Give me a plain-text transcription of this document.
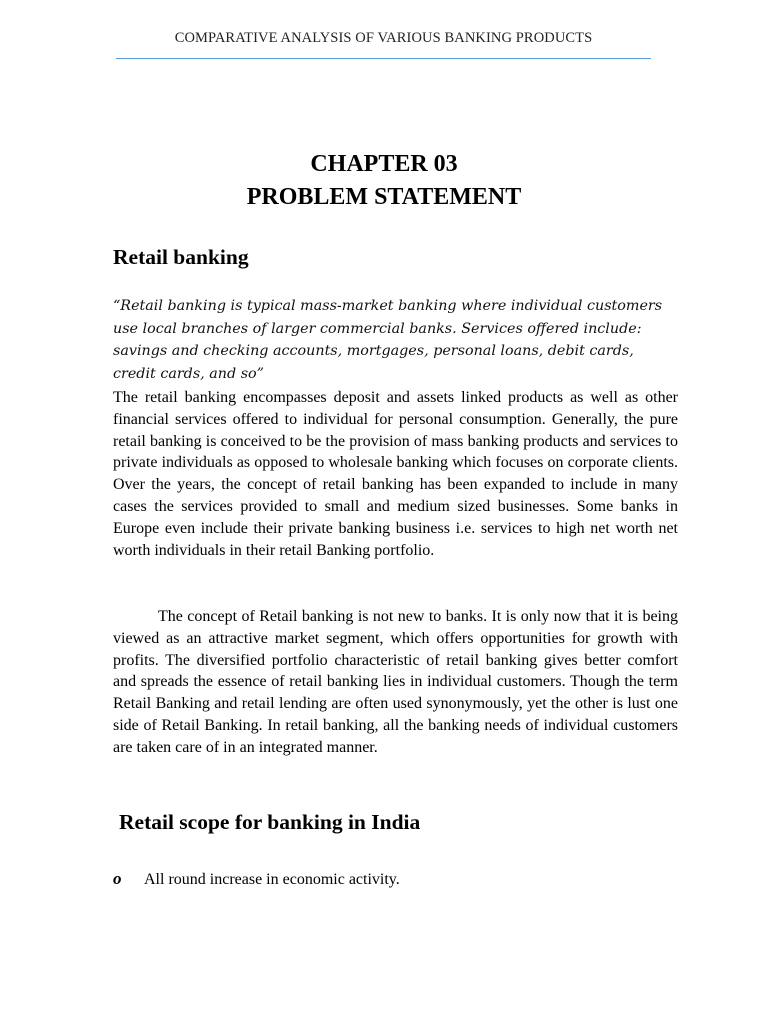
COMPARATIVE ANALYSIS OF VARIOUS BANKING PRODUCTS
CHAPTER 03
PROBLEM STATEMENT
Retail banking
“Retail banking is typical mass-market banking where individual customers use local branches of larger commercial banks. Services offered include: savings and checking accounts, mortgages, personal loans, debit cards, credit cards, and so”
The retail banking encompasses deposit and assets linked products as well as other financial services offered to individual for personal consumption. Generally, the pure retail banking is conceived to be the provision of mass banking products and services to private individuals as opposed to wholesale banking which focuses on corporate clients. Over the years, the concept of retail banking has been expanded to include in many cases the services provided to small and medium sized businesses. Some banks in Europe even include their private banking business i.e. services to high net worth net worth individuals in their retail Banking portfolio.
The concept of Retail banking is not new to banks. It is only now that it is being viewed as an attractive market segment, which offers opportunities for growth with profits. The diversified portfolio characteristic of retail banking gives better comfort and spreads the essence of retail banking lies in individual customers. Though the term Retail Banking and retail lending are often used synonymously, yet the other is lust one side of Retail Banking. In retail banking, all the banking needs of individual customers are taken care of in an integrated manner.
Retail scope for banking in India
o	All round increase in economic activity.
